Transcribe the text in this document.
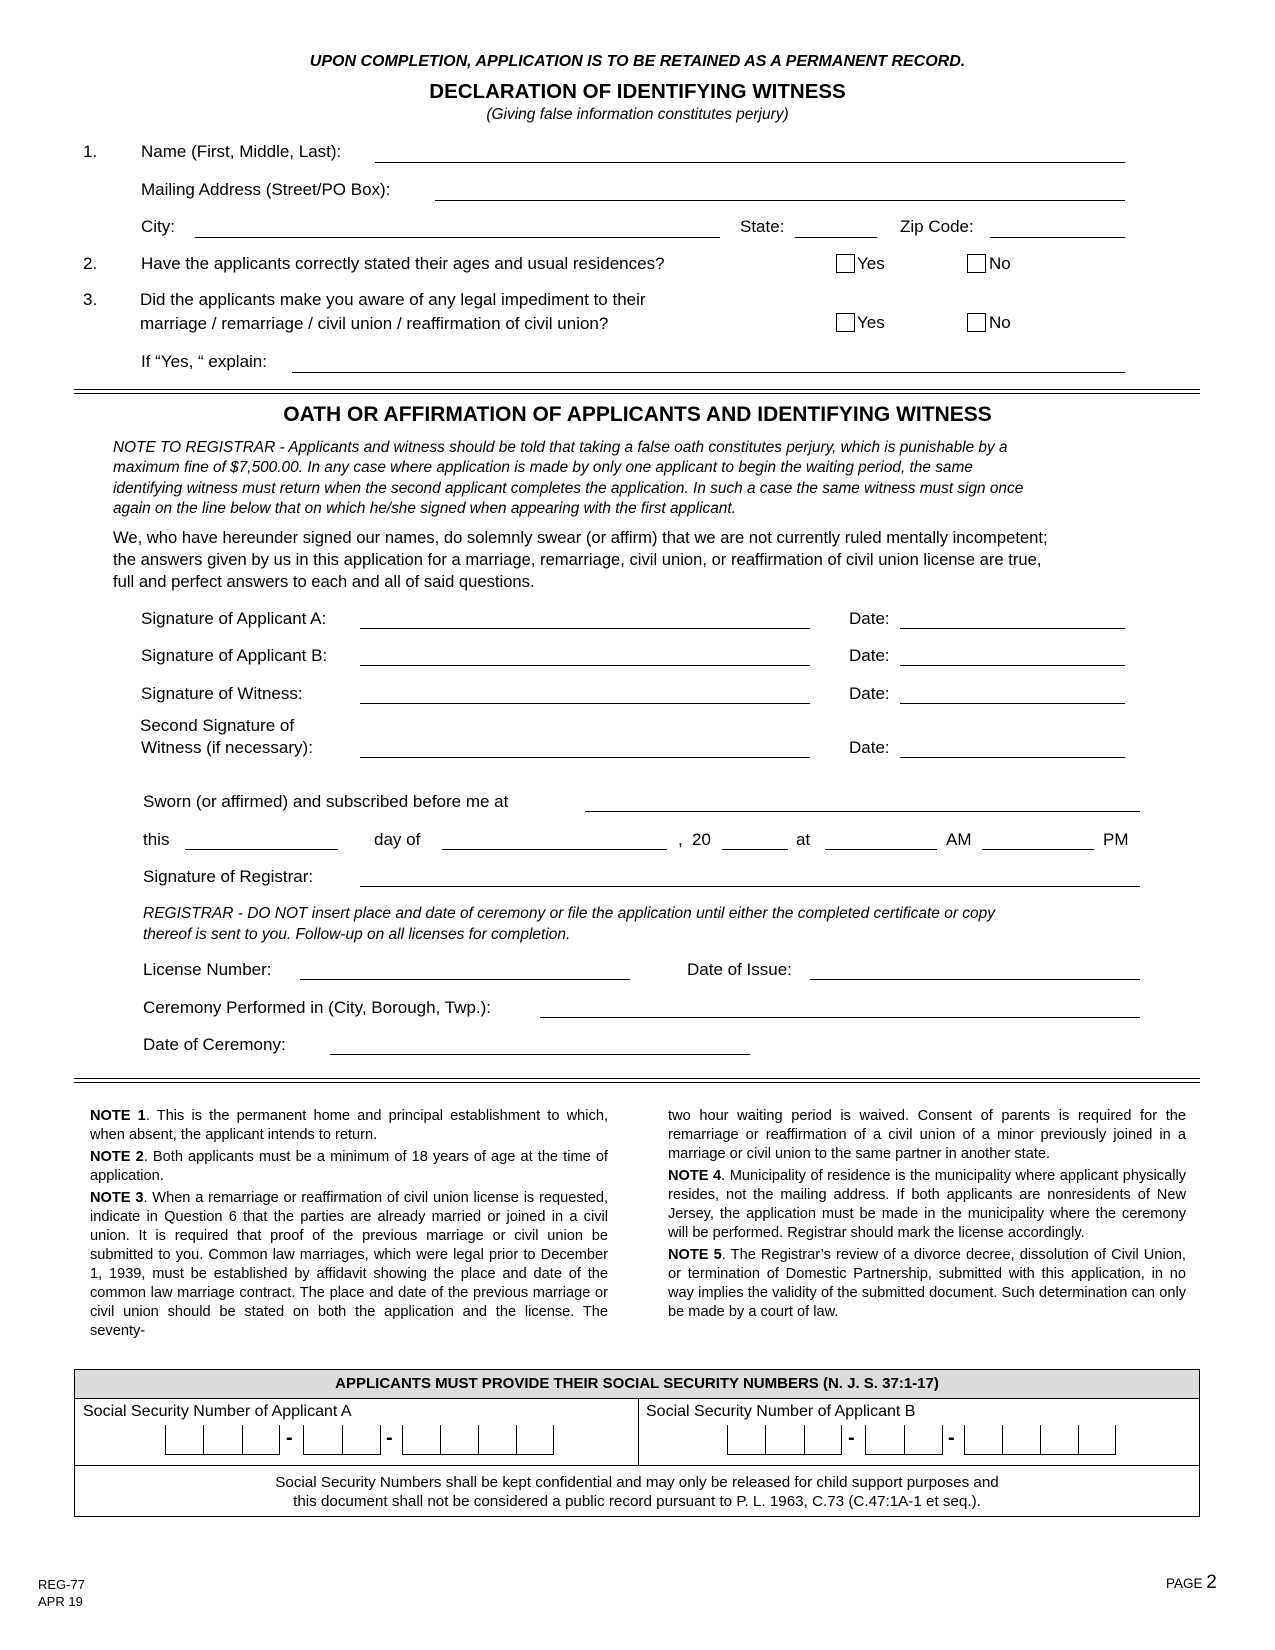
UPON COMPLETION, APPLICATION IS TO BE RETAINED AS A PERMANENT RECORD.
DECLARATION OF IDENTIFYING WITNESS
(Giving false information constitutes perjury)
1.	Name (First, Middle, Last):
Mailing Address (Street/PO Box):
City:	State:	Zip Code:
2.	Have the applicants correctly stated their ages and usual residences?	Yes	No
3.	Did the applicants make you aware of any legal impediment to their
marriage / remarriage / civil union / reaffirmation of civil union?	Yes	No
If “Yes, “ explain:
OATH OR AFFIRMATION OF APPLICANTS AND IDENTIFYING WITNESS
NOTE TO REGISTRAR - Applicants and witness should be told that taking a false oath constitutes perjury, which is punishable by a
maximum fine of $7,500.00. In any case where application is made by only one applicant to begin the waiting period, the same
identifying witness must return when the second applicant completes the application. In such a case the same witness must sign once
again on the line below that on which he/she signed when appearing with the first applicant.
We, who have hereunder signed our names, do solemnly swear (or affirm) that we are not currently ruled mentally incompetent;
the answers given by us in this application for a marriage, remarriage, civil union, or reaffirmation of civil union license are true,
full and perfect answers to each and all of said questions.
Signature of Applicant A:	Date:
Signature of Applicant B:	Date:
Signature of Witness:	Date:
Second Signature of
Witness (if necessary):	Date:
Sworn (or affirmed) and subscribed before me at
this	day of	, 20	at	AM	PM
Signature of Registrar:
REGISTRAR - DO NOT insert place and date of ceremony or file the application until either the completed certificate or copy
thereof is sent to you. Follow-up on all licenses for completion.
License Number:	Date of Issue:
Ceremony Performed in (City, Borough, Twp.):
Date of Ceremony:

NOTE 1. This is the permanent home and principal establishment to which, when absent, the applicant intends to return.

NOTE 2. Both applicants must be a minimum of 18 years of age at the time of application.

NOTE 3. When a remarriage or reaffirmation of civil union license is requested, indicate in Question 6 that the parties are already married or joined in a civil union. It is required that proof of the previous marriage or civil union be submitted to you. Common law marriages, which were legal prior to December 1, 1939, must be established by affidavit showing the place and date of the common law marriage contract. The place and date of the previous marriage or civil union should be stated on both the application and the license. The seventy-

two hour waiting period is waived. Consent of parents is required for the remarriage or reaffirmation of a civil union of a minor previously joined in a marriage or civil union to the same partner in another state.

NOTE 4. Municipality of residence is the municipality where applicant physically resides, not the mailing address. If both applicants are nonresidents of New Jersey, the application must be made in the municipality where the ceremony will be performed. Registrar should mark the license accordingly.

NOTE 5. The Registrar’s review of a divorce decree, dissolution of Civil Union, or termination of Domestic Partnership, submitted with this application, in no way implies the validity of the submitted document. Such determination can only be made by a court of law.

APPLICANTS MUST PROVIDE THEIR SOCIAL SECURITY NUMBERS (N. J. S. 37:1-17)
Social Security Number of Applicant A
-	-
Social Security Number of Applicant B
-	-
Social Security Numbers shall be kept confidential and may only be released for child support purposes and
this document shall not be considered a public record pursuant to P. L. 1963, C.73 (C.47:1A-1 et seq.).
REG-77
APR 19
PAGE 2
